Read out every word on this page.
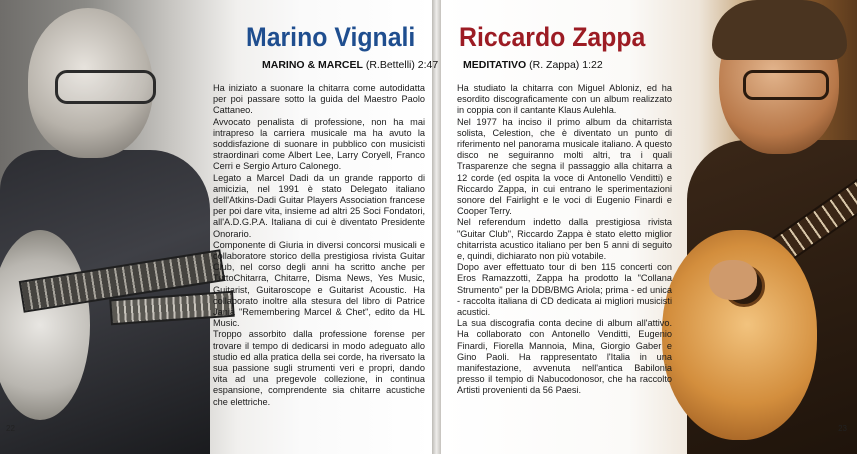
Marino Vignali
MARINO & MARCEL (R.Bettelli) 2:47

Ha iniziato a suonare la chitarra come autodidatta per poi passare sotto la guida del Maestro Paolo Cattaneo.

Avvocato penalista di professione, non ha mai intrapreso la carriera musicale ma ha avuto la soddisfazione di suonare in pubblico con musicisti straordinari come Albert Lee, Larry Coryell, Franco Cerri e Sergio Arturo Calonego.

Legato a Marcel Dadi da un grande rapporto di amicizia, nel 1991 è stato Delegato italiano dell'Atkins-Dadi Guitar Players Association francese per poi dare vita, insieme ad altri 25 Soci Fondatori, all'A.D.G.P.A. Italiana di cui è diventato Presidente Onorario.

Componente di Giuria in diversi concorsi musicali e collaboratore storico della prestigiosa rivista Guitar Club, nel corso degli anni ha scritto anche per TuttoChitarra, Chitarre, Disma News, Yes Music, Guitarist, Guitaroscope e Guitarist Acoustic. Ha collaborato inoltre alla stesura del libro di Patrice Jania "Remembering Marcel & Chet", edito da HL Music.

Troppo assorbito dalla professione forense per trovare il tempo di dedicarsi in modo adeguato allo studio ed alla pratica della sei corde, ha riversato la sua passione sugli strumenti veri e propri, dando vita ad una pregevole collezione, in continua espansione, comprendente sia chitarre acustiche che elettriche.

22
Riccardo Zappa
MEDITATIVO (R. Zappa) 1:22

Ha studiato la chitarra con Miguel Abloniz, ed ha esordito discograficamente con un album realizzato in coppia con il cantante Klaus Aulehla.

Nel 1977 ha inciso il primo album da chitarrista solista, Celestion, che è diventato un punto di riferimento nel panorama musicale italiano. A questo disco ne seguiranno molti altri, tra i quali Trasparenze che segna il passaggio alla chitarra a 12 corde (ed ospita la voce di Antonello Venditti) e Riccardo Zappa, in cui entrano le sperimentazioni sonore del Fairlight e le voci di Eugenio Finardi e Cooper Terry.

Nel referendum indetto dalla prestigiosa rivista "Guitar Club", Riccardo Zappa è stato eletto miglior chitarrista acustico italiano per ben 5 anni di seguito e, quindi, dichiarato non più votabile.

Dopo aver effettuato tour di ben 115 concerti con Eros Ramazzotti, Zappa ha prodotto la "Collana Strumento" per la DDB/BMG Ariola; prima - ed unica - raccolta italiana di CD dedicata ai migliori musicisti acustici.

La sua discografia conta decine di album all'attivo. Ha collaborato con Antonello Venditti, Eugenio Finardi, Fiorella Mannoia, Mina, Giorgio Gaber e Gino Paoli. Ha rappresentato l'Italia in una manifestazione, avvenuta nell'antica Babilonia presso il tempio di Nabucodonosor, che ha raccolto Artisti provenienti da 56 Paesi.

23
